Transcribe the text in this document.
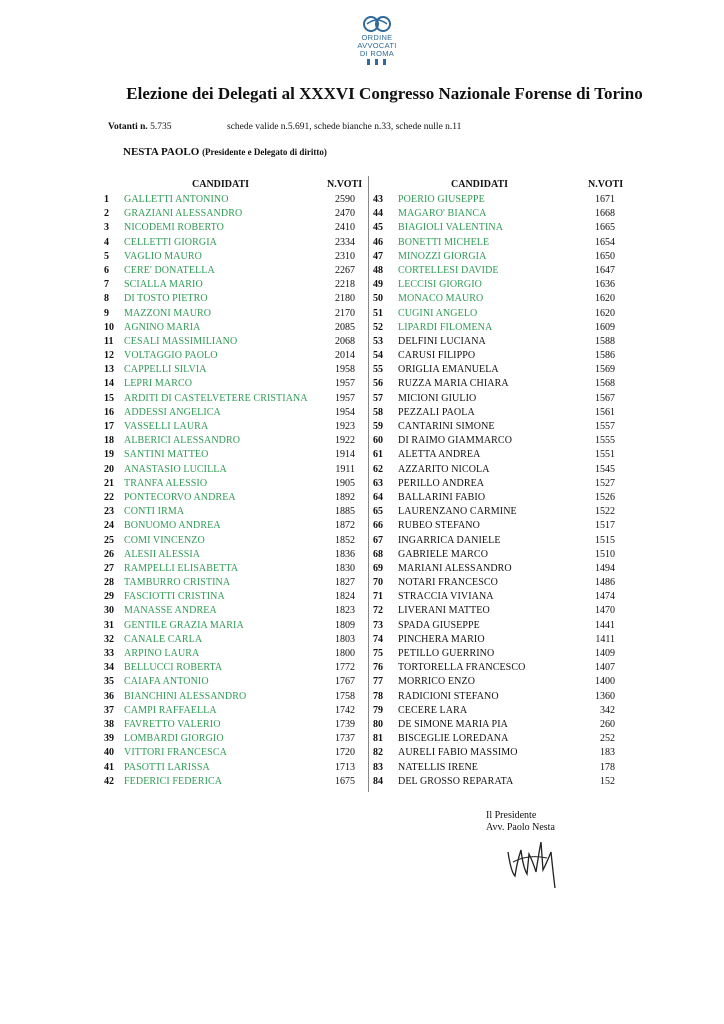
ORDINE
AVVOCATI
DI ROMA
Elezione dei Delegati al XXXVI Congresso Nazionale Forense di Torino
Votanti n. 5.735	schede valide n.5.691, schede bianche n.33, schede nulle n.11
NESTA PAOLO (Presidente e Delegato di diritto)
CANDIDATI	N.VOTI	CANDIDATI	N.VOTI
1 GALLETTI ANTONINO	2590
2 GRAZIANI ALESSANDRO	2470
3 NICODEMI ROBERTO	2410
4 CELLETTI GIORGIA	2334
5 VAGLIO MAURO	2310
6 CERE' DONATELLA	2267
7 SCIALLA MARIO	2218
8 DI TOSTO PIETRO	2180
9 MAZZONI MAURO	2170
10 AGNINO MARIA	2085
11 CESALI MASSIMILIANO	2068
12 VOLTAGGIO PAOLO	2014
13 CAPPELLI SILVIA	1958
14 LEPRI MARCO	1957
15 ARDITI DI CASTELVETERE CRISTIANA	1957
16 ADDESSI ANGELICA	1954
17 VASSELLI LAURA	1923
18 ALBERICI ALESSANDRO	1922
19 SANTINI MATTEO	1914
20 ANASTASIO LUCILLA	1911
21 TRANFA ALESSIO	1905
22 PONTECORVO ANDREA	1892
23 CONTI IRMA	1885
24 BONUOMO ANDREA	1872
25 COMI VINCENZO	1852
26 ALESII ALESSIA	1836
27 RAMPELLI ELISABETTA	1830
28 TAMBURRO CRISTINA	1827
29 FASCIOTTI CRISTINA	1824
30 MANASSE ANDREA	1823
31 GENTILE GRAZIA MARIA	1809
32 CANALE CARLA	1803
33 ARPINO LAURA	1800
34 BELLUCCI ROBERTA	1772
35 CAIAFA ANTONIO	1767
36 BIANCHINI ALESSANDRO	1758
37 CAMPI RAFFAELLA	1742
38 FAVRETTO VALERIO	1739
39 LOMBARDI GIORGIO	1737
40 VITTORI FRANCESCA	1720
41 PASOTTI LARISSA	1713
42 FEDERICI FEDERICA	1675
43 POERIO GIUSEPPE	1671
44 MAGARO' BIANCA	1668
45 BIAGIOLI VALENTINA	1665
46 BONETTI MICHELE	1654
47 MINOZZI GIORGIA	1650
48 CORTELLESI DAVIDE	1647
49 LECCISI GIORGIO	1636
50 MONACO MAURO	1620
51 CUGINI ANGELO	1620
52 LIPARDI FILOMENA	1609
53 DELFINI LUCIANA	1588
54 CARUSI FILIPPO	1586
55 ORIGLIA EMANUELA	1569
56 RUZZA MARIA CHIARA	1568
57 MICIONI GIULIO	1567
58 PEZZALI PAOLA	1561
59 CANTARINI SIMONE	1557
60 DI RAIMO GIAMMARCO	1555
61 ALETTA ANDREA	1551
62 AZZARITO NICOLA	1545
63 PERILLO ANDREA	1527
64 BALLARINI FABIO	1526
65 LAURENZANO CARMINE	1522
66 RUBEO STEFANO	1517
67 INGARRICA DANIELE	1515
68 GABRIELE MARCO	1510
69 MARIANI ALESSANDRO	1494
70 NOTARI FRANCESCO	1486
71 STRACCIA VIVIANA	1474
72 LIVERANI MATTEO	1470
73 SPADA GIUSEPPE	1441
74 PINCHERA MARIO	1411
75 PETILLO GUERRINO	1409
76 TORTORELLA FRANCESCO	1407
77 MORRICO ENZO	1400
78 RADICIONI STEFANO	1360
79 CECERE LARA	342
80 DE SIMONE MARIA PIA	260
81 BISCEGLIE LOREDANA	252
82 AURELI FABIO MASSIMO	183
83 NATELLIS IRENE	178
84 DEL GROSSO REPARATA	152
Il Presidente
Avv. Paolo Nesta
